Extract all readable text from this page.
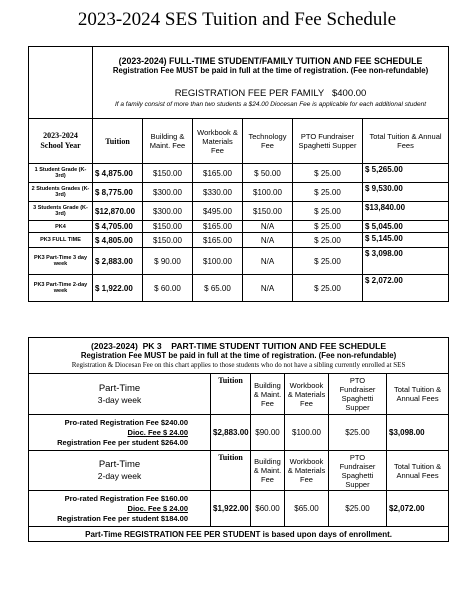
2023-2024 SES Tuition and Fee Schedule

	(2023-2024) FULL-TIME STUDENT/FAMILY TUITION AND FEE SCHEDULE
Registration Fee MUST be paid in full at the time of registration. (Fee non-refundable)
REGISTRATION FEE PER FAMILY   $400.00
If a family consist of more than two students a $24.00 Diocesan Fee is applicable for each additional student					

2023-2024 School Year	Tuition	Building & Maint. Fee	Workbook & Materials Fee	Technology Fee	PTO Fundraiser Spaghetti Supper	Total Tuition & Annual Fees
1 Student Grade (K-3rd)	$ 4,875.00	$150.00	$165.00	$ 50.00	$ 25.00	$ 5,265.00
2 Students Grades (K-3rd)	$ 8,775.00	$300.00	$330.00	$100.00	$ 25.00	$ 9,530.00
3 Students Grade (K-3rd)	$12,870.00	$300.00	$495.00	$150.00	$ 25.00	$13,840.00
PK4	$ 4,705.00	$150.00	$165.00	N/A	$ 25.00	$ 5,045.00
PK3 FULL TIME	$ 4,805.00	$150.00	$165.00	N/A	$ 25.00	$ 5,145.00
PK3 Part-Time 3 day week	$ 2,883.00	$ 90.00	$100.00	N/A	$ 25.00	$ 3,098.00
PK3 Part-Time 2-day week	$ 1,922.00	$ 60.00	$ 65.00	N/A	$ 25.00	$ 2,072.00
(2023-2024)  PK 3    PART-TIME STUDENT TUITION AND FEE SCHEDULE
Registration Fee MUST be paid in full at the time of registration. (Fee non-refundable)
Registration & Diocesan Fee on this chart applies to those students who do not have a sibling currently enrolled at SES					

Part-Time
3-day week	Tuition	Building & Maint. Fee	Workbook & Materials Fee	PTO Fundraiser Spaghetti Supper	Total Tuition & Annual Fees

Pro-rated Registration Fee $240.00
Dioc. Fee $ 24.00
Registration Fee per student $264.00	$2,883.00	$90.00	$100.00	$25.00	$3,098.00

Part-Time
2-day week	Tuition	Building & Maint. Fee	Workbook & Materials Fee	PTO Fundraiser Spaghetti Supper	Total Tuition & Annual Fees

Pro-rated Registration Fee $160.00
Dioc. Fee $ 24.00
Registration Fee per student $184.00	$1,922.00	$60.00	$65.00	$25.00	$2,072.00
Part-Time REGISTRATION FEE PER STUDENT is based upon days of enrollment.					
